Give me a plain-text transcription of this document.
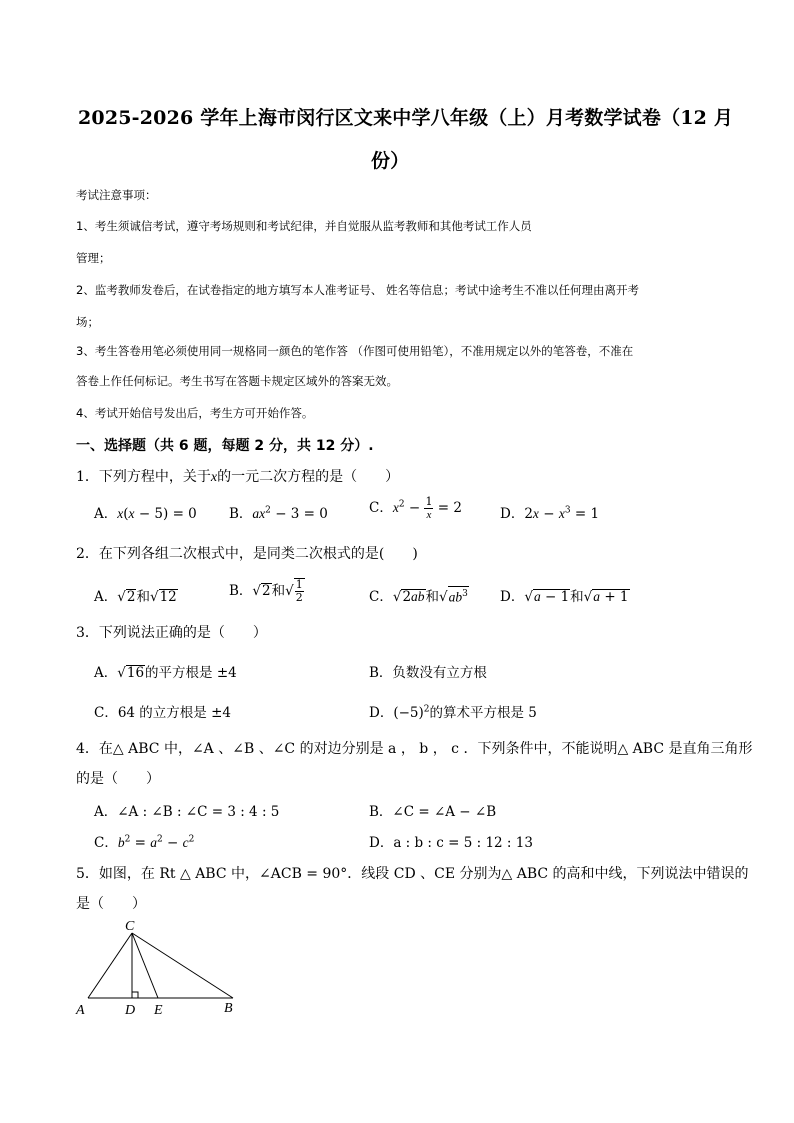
2025-2026 学年上海市闵行区文来中学八年级（上）月考数学试卷（12 月
份）
考试注意事项：
1、考生须诚信考试，遵守考场规则和考试纪律，并自觉服从监考教师和其他考试工作人员
管理；
2、监考教师发卷后，在试卷指定的地方填写本人准考证号、 姓名等信息；考试中途考生不准以任何理由离开考
场；
3、考生答卷用笔必须使用同一规格同一颜色的笔作答 （作图可使用铅笔），不准用规定以外的笔答卷，不准在
答卷上作任何标记。考生书写在答题卡规定区域外的答案无效。
4、考试开始信号发出后，考生方可开始作答。
一、选择题（共 6 题，每题 2 分，共 12 分）.
1．下列方程中，关于x的一元二次方程的是（　　）
A．x(x − 5) = 0 B．$ax^2 - 3 = 0$	C．$x^2 - \frac{1}{x} = 2$	D．$2x - x^3 = 1$
2．在下列各组二次根式中，是同类二次根式的是(　　)
A．√2和√12	B．√2和√ $\frac{1}{2}$	C．√2ab和$√ab^3$ D．√a − 1和√a + 1
3．下列说法正确的是（　　）
A．√16的平方根是 ±4	B．负数没有立方根
C．64 的立方根是 ±4	D．$(-5)^2$的算术平方根是 5
4．在△ ABC 中，∠A 、∠B 、∠C 的对边分别是 a ， b ， c ．下列条件中，不能说明△ ABC 是直角三角形
的是（　　）
A．∠A : ∠B : ∠C = 3 : 4 : 5	B．∠C = ∠A − ∠B
C．$b^2 = a^2 - c^2$	D．a : b : c = 5 : 12 : 13
5．如图，在 Rt △ ABC 中，∠ACB = 90°．线段 CD 、CE 分别为△ ABC 的高和中线，下列说法中错误的
是（　　）
C
A	D E	B
